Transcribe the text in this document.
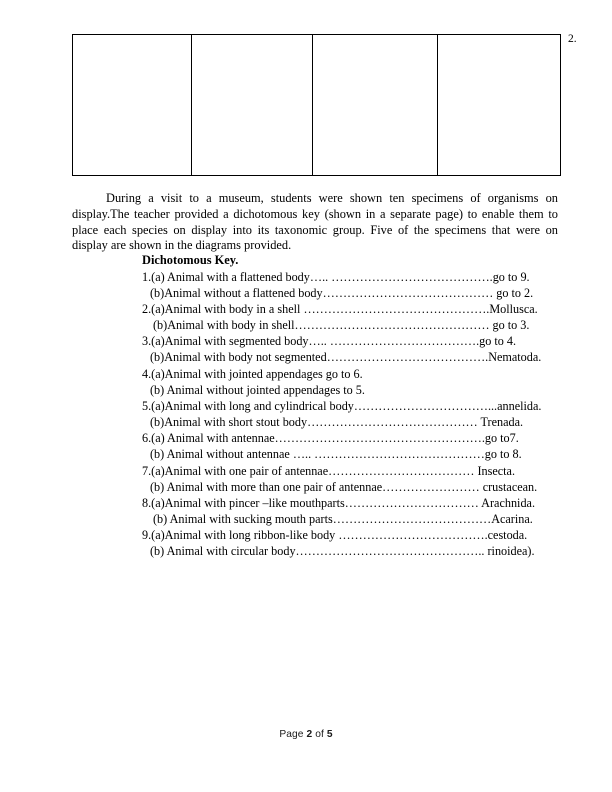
2.

During a visit to a museum, students were shown ten specimens of organisms on display.The teacher provided a dichotomous key (shown in a separate page) to enable them to place each species on display into its taxonomic group. Five of the specimens that were on display are shown in the diagrams provided.

Dichotomous Key.
1.(a) Animal with a flattened body….. ………………………………….go to 9.
(b)Animal without a flattened body…………………………………… go to 2.
2.(a)Animal with body in a shell ……………………………………….Mollusca.
(b)Animal with body in shell………………………………………… go to 3.
3.(a)Animal with segmented body….. ……………………………….go to 4.
(b)Animal with body not segmented………………………………….Nematoda.
4.(a)Animal with jointed appendages go to 6.
(b) Animal without jointed appendages to 5.
5.(a)Animal with long and cylindrical body……………………………...annelida.
(b)Animal with short stout body…………………………………… Trenada.
6.(a) Animal with antennae…………………………………………….go to7.
(b) Animal without antennae ….. ……………………………………go to 8.
7.(a)Animal with one pair of antennae……………………………… Insecta.
(b) Animal with more than one pair of antennae…………………… crustacean.
8.(a)Animal with pincer –like mouthparts…………………………… Arachnida.
(b) Animal with sucking mouth parts…………………………………Acarina.
9.(a)Animal with long ribbon-like body ……………………………….cestoda.
(b) Animal with circular body……………………………………….. rinoidea).
Page 2 of 5
